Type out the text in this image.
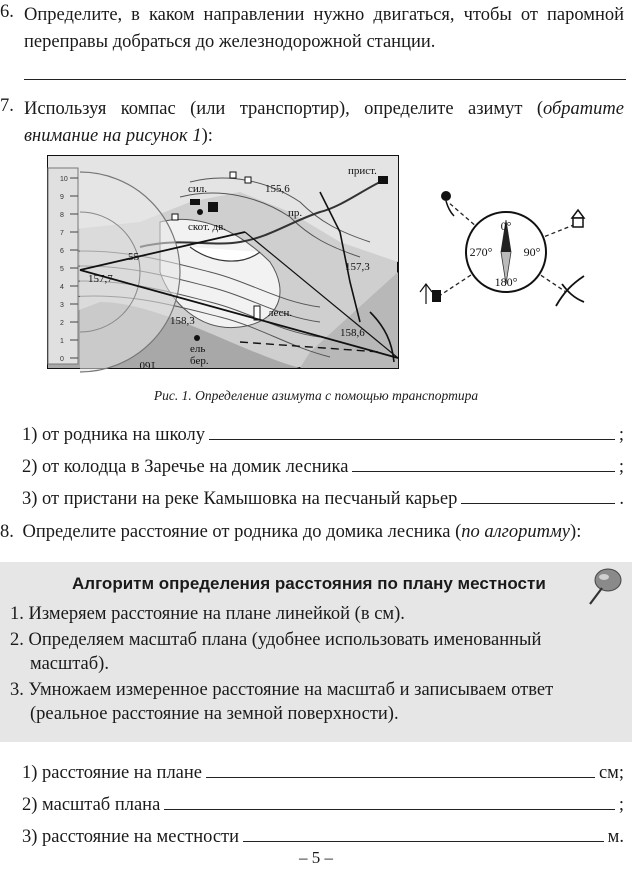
6. Определите, в каком направлении нужно двигаться, чтобы от паромной переправы добраться до железнодорожной станции.
7. Используя компас (или транспортир), определите азимут (обратите внимание на рисунок 1):
10
9
8
7
6
5
4
3
2
1
0
сил.
прист.
скот. дв.
пр.
лесн.
ель
бер.
155,6
157,3
157,7
158,3
158,6
55
160
0°
90°
180°
270°
Рис. 1. Определение азимута с помощью транспортира
1) от родника на школу	;
2) от колодца в Заречье на домик лесника	;
3) от пристани на реке Камышовка на песчаный карьер	.
8. Определите расстояние от родника до домика лесника (по алгоритму):
Алгоритм определения расстояния по плану местности
1. Измеряем расстояние на плане линейкой (в см).
2. Определяем масштаб плана (удобнее использовать именованный масштаб).
3. Умножаем измеренное расстояние на масштаб и записываем ответ (реальное расстояние на земной поверхности).
1) расстояние на плане	см;
2) масштаб плана	;
3) расстояние на местности	м.
– 5 –
